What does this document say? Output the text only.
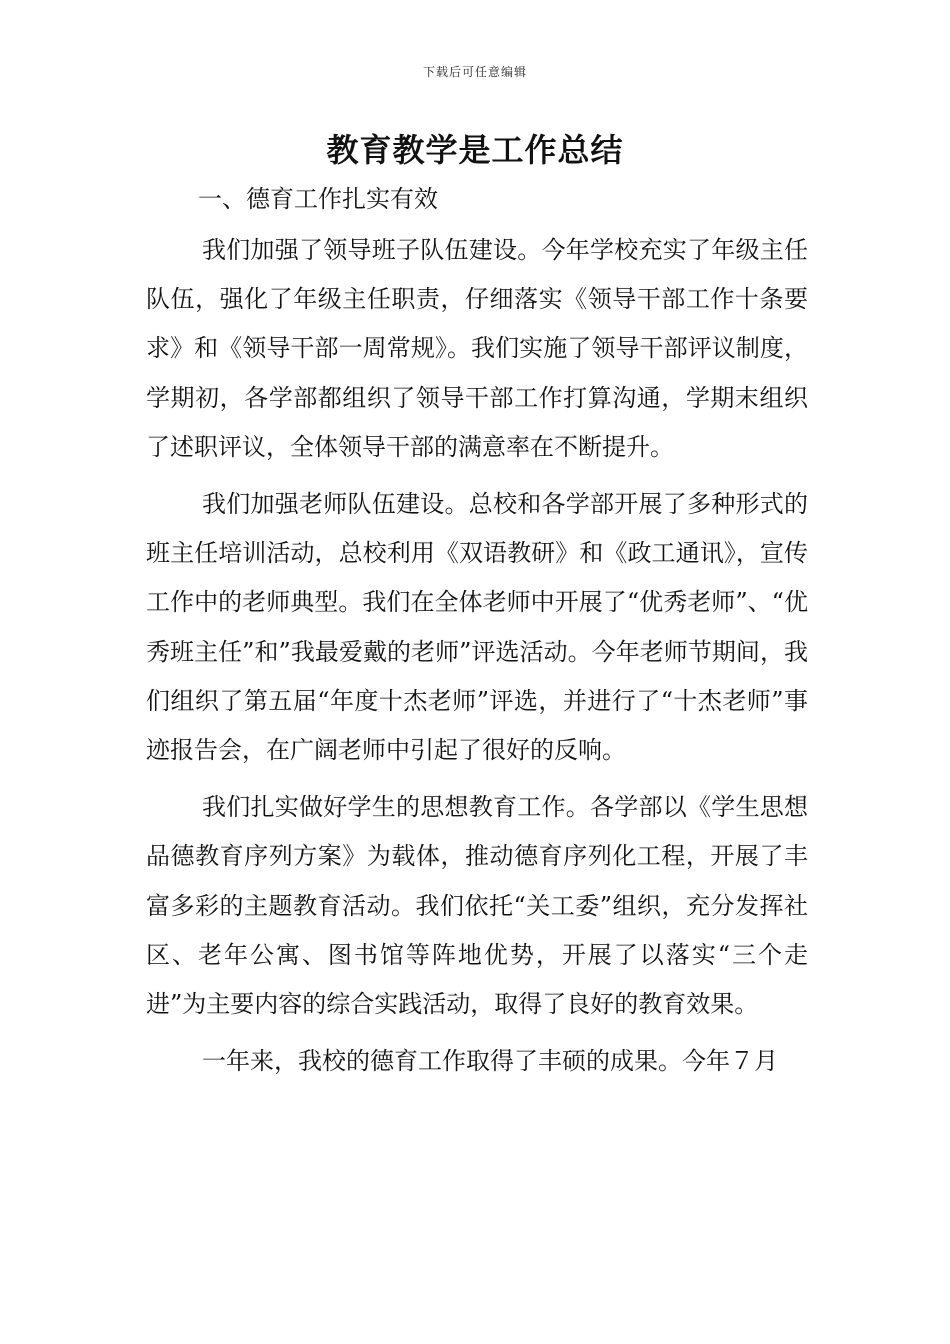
下载后可任意编辑
教育教学是工作总结

一、德育工作扎实有效

我们加强了领导班子队伍建设。今年学校充实了年级主任队伍，强化了年级主任职责，仔细落实《领导干部工作十条要求》和《领导干部一周常规》。我们实施了领导干部评议制度，学期初，各学部都组织了领导干部工作打算沟通，学期末组织了述职评议，全体领导干部的满意率在不断提升。

我们加强老师队伍建设。总校和各学部开展了多种形式的班主任培训活动，总校利用《双语教研》和《政工通讯》，宣传工作中的老师典型。我们在全体老师中开展了“优秀老师”、“优秀班主任”和”我最爱戴的老师”评选活动。今年老师节期间，我们组织了第五届“年度十杰老师”评选，并进行了“十杰老师”事迹报告会，在广阔老师中引起了很好的反响。

我们扎实做好学生的思想教育工作。各学部以《学生思想品德教育序列方案》为载体，推动德育序列化工程，开展了丰富多彩的主题教育活动。我们依托“关工委”组织，充分发挥社区、老年公寓、图书馆等阵地优势，开展了以落实“三个走进”为主要内容的综合实践活动，取得了良好的教育效果。

一年来，我校的德育工作取得了丰硕的成果。今年７月
